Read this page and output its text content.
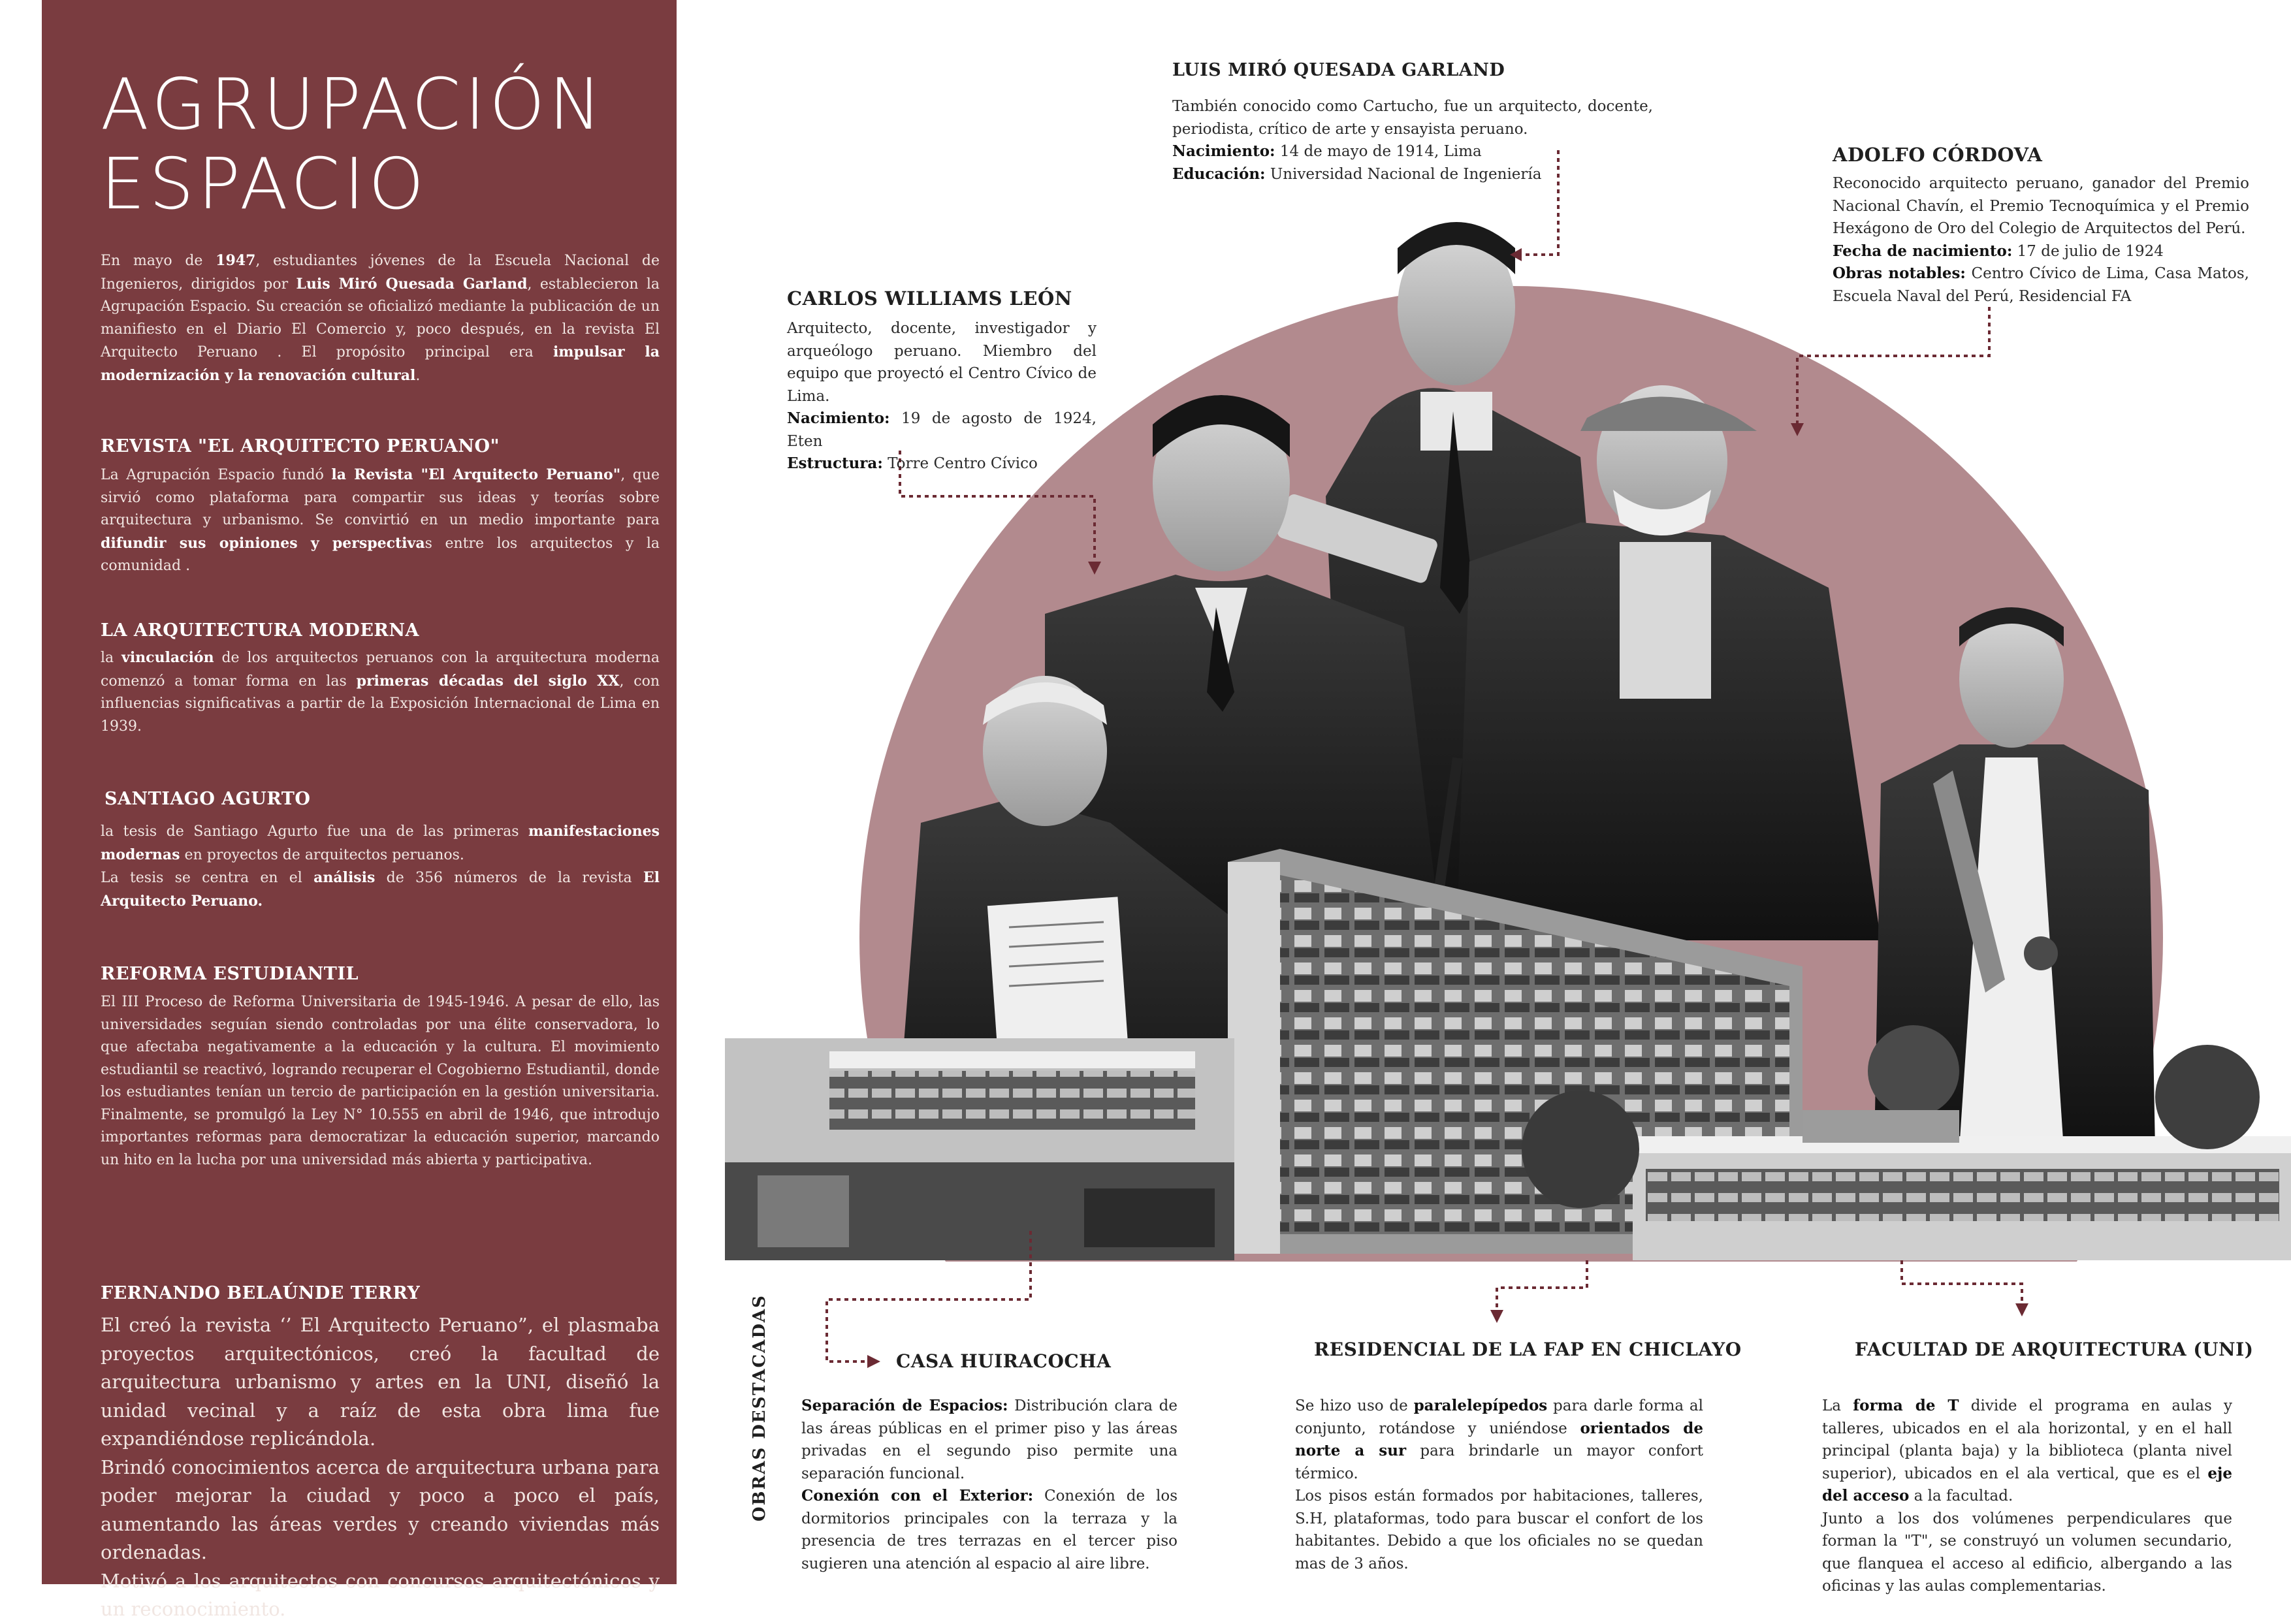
AGRUPACIÓN
ESPACIO
En mayo de 1947, estudiantes jóvenes de la Escuela Nacional de Ingenieros, dirigidos por Luis Miró Quesada Garland, establecieron la Agrupación Espacio. Su creación se oficializó mediante la publicación de un manifiesto en el Diario El Comercio y, poco después, en la revista El Arquitecto Peruano . El propósito principal era impulsar la modernización y la renovación cultural.
REVISTA "EL ARQUITECTO PERUANO"
La Agrupación Espacio fundó la Revista "El Arquitecto Peruano", que sirvió como plataforma para compartir sus ideas y teorías sobre arquitectura y urbanismo. Se convirtió en un medio importante para difundir sus opiniones y perspectivas entre los arquitectos y la comunidad .
LA ARQUITECTURA MODERNA
la vinculación de los arquitectos peruanos con la arquitectura moderna comenzó a tomar forma en las primeras décadas del siglo XX, con influencias significativas a partir de la Exposición Internacional de Lima en 1939.
SANTIAGO AGURTO
la tesis de Santiago Agurto fue una de las primeras manifestaciones modernas en proyectos de arquitectos peruanos.
La tesis se centra en el análisis de 356 números de la revista El Arquitecto Peruano.
REFORMA ESTUDIANTIL
El III Proceso de Reforma Universitaria de 1945-1946. A pesar de ello, las universidades seguían siendo controladas por una élite conservadora, lo que afectaba negativamente a la educación y la cultura. El movimiento estudiantil se reactivó, logrando recuperar el Cogobierno Estudiantil, donde los estudiantes tenían un tercio de participación en la gestión universitaria. Finalmente, se promulgó la Ley N° 10.555 en abril de 1946, que introdujo importantes reformas para democratizar la educación superior, marcando un hito en la lucha por una universidad más abierta y participativa.
FERNANDO BELAÚNDE TERRY
El creó la revista ‘’ El Arquitecto Peruano”, el plasmaba proyectos arquitectónicos, creó la facultad de arquitectura urbanismo y artes en la UNI, diseñó la unidad vecinal y a raíz de esta obra lima fue expandiéndose replicándola.
Brindó conocimientos acerca de arquitectura urbana para poder mejorar la ciudad y poco a poco el país, aumentando las áreas verdes y creando viviendas más ordenadas.
Motivó a los arquitectos con concursos arquitectónicos y un reconocimiento.
LUIS MIRÓ QUESADA GARLAND
También conocido como Cartucho, fue un arquitecto, docente, periodista, crítico de arte y ensayista peruano.
Nacimiento: 14 de mayo de 1914, Lima
Educación: Universidad Nacional de Ingeniería
ADOLFO CÓRDOVA
Reconocido arquitecto peruano, ganador del Premio Nacional Chavín, el Premio Tecnoquímica y el Premio Hexágono de Oro del Colegio de Arquitectos del Perú.
Fecha de nacimiento: 17 de julio de 1924
Obras notables: Centro Cívico de Lima, Casa Matos, Escuela Naval del Perú, Residencial FA
CARLOS WILLIAMS LEÓN
Arquitecto, docente, investigador y arqueólogo peruano. Miembro del equipo que proyectó el Centro Cívico de Lima.
Nacimiento: 19 de agosto de 1924, Eten
Estructura: Torre Centro Cívico
OBRAS DESTACADAS	CASA HUIRACOCHA
Separación de Espacios: Distribución clara de las áreas públicas en el primer piso y las áreas privadas en el segundo piso permite una separación funcional.
Conexión con el Exterior: Conexión de los dormitorios principales con la terraza y la presencia de tres terrazas en el tercer piso sugieren una atención al espacio al aire libre.
RESIDENCIAL DE LA FAP EN CHICLAYO
Se hizo uso de paralelepípedos para darle forma al conjunto, rotándose y uniéndose orientados de norte a sur para brindarle un mayor confort térmico.
Los pisos están formados por habitaciones, talleres, S.H, plataformas, todo para buscar el confort de los habitantes. Debido a que los oficiales no se quedan mas de 3 años.
FACULTAD DE ARQUITECTURA (UNI)
La forma de T divide el programa en aulas y talleres, ubicados en el ala horizontal, y en el hall principal (planta baja) y la biblioteca (planta nivel superior), ubicados en el ala vertical, que es el eje del acceso a la facultad.
Junto a los dos volúmenes perpendiculares que forman la "T", se construyó un volumen secundario, que flanquea el acceso al edificio, albergando a las oficinas y las aulas complementarias.
